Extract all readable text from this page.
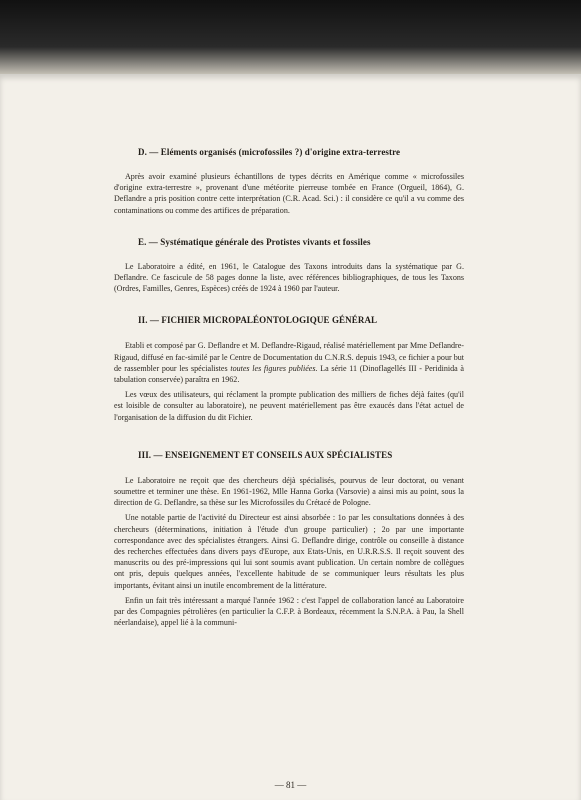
D. — Eléments organisés (microfossiles ?) d'origine extra-terrestre

Après avoir examiné plusieurs échantillons de types décrits en Amérique comme « microfossiles d'origine extra-terrestre », provenant d'une météorite pierreuse tombée en France (Orgueil, 1864), G. Deflandre a pris position contre cette interprétation (C.R. Acad. Sci.) : il considère ce qu'il a vu comme des contaminations ou comme des artifices de préparation.

E. — Systématique générale des Protistes vivants et fossiles

Le Laboratoire a édité, en 1961, le Catalogue des Taxons introduits dans la systématique par G. Deflandre. Ce fascicule de 58 pages donne la liste, avec références bibliographiques, de tous les Taxons (Ordres, Familles, Genres, Espèces) créés de 1924 à 1960 par l'auteur.

II. — FICHIER MICROPALÉONTOLOGIQUE GÉNÉRAL

Etabli et composé par G. Deflandre et M. Deflandre-Rigaud, réalisé matériellement par Mme Deflandre-Rigaud, diffusé en fac-similé par le Centre de Documentation du C.N.R.S. depuis 1943, ce fichier a pour but de rassembler pour les spécialistes toutes les figures publiées. La série 11 (Dinoflagellés III - Peridinida à tabulation conservée) paraîtra en 1962.

Les vœux des utilisateurs, qui réclament la prompte publication des milliers de fiches déjà faites (qu'il est loisible de consulter au laboratoire), ne peuvent matériellement pas être exaucés dans l'état actuel de l'organisation de la diffusion du dit Fichier.

III. — ENSEIGNEMENT ET CONSEILS AUX SPÉCIALISTES

Le Laboratoire ne reçoit que des chercheurs déjà spécialisés, pourvus de leur doctorat, ou venant soumettre et terminer une thèse. En 1961-1962, Mlle Hanna Gorka (Varsovie) a ainsi mis au point, sous la direction de G. Deflandre, sa thèse sur les Microfossiles du Crétacé de Pologne.

Une notable partie de l'activité du Directeur est ainsi absorbée : 1o par les consultations données à des chercheurs (déterminations, initiation à l'étude d'un groupe particulier) ; 2o par une importante correspondance avec des spécialistes étrangers. Ainsi G. Deflandre dirige, contrôle ou conseille à distance des recherches effectuées dans divers pays d'Europe, aux Etats-Unis, en U.R.R.S.S. Il reçoit souvent des manuscrits ou des pré-impressions qui lui sont soumis avant publication. Un certain nombre de collègues ont pris, depuis quelques années, l'excellente habitude de se communiquer leurs résultats les plus importants, évitant ainsi un inutile encombrement de la littérature.

Enfin un fait très intéressant a marqué l'année 1962 : c'est l'appel de collaboration lancé au Laboratoire par des Compagnies pétrolières (en particulier la C.F.P. à Bordeaux, récemment la S.N.P.A. à Pau, la Shell néerlandaise), appel lié à la communi-

— 81 —
